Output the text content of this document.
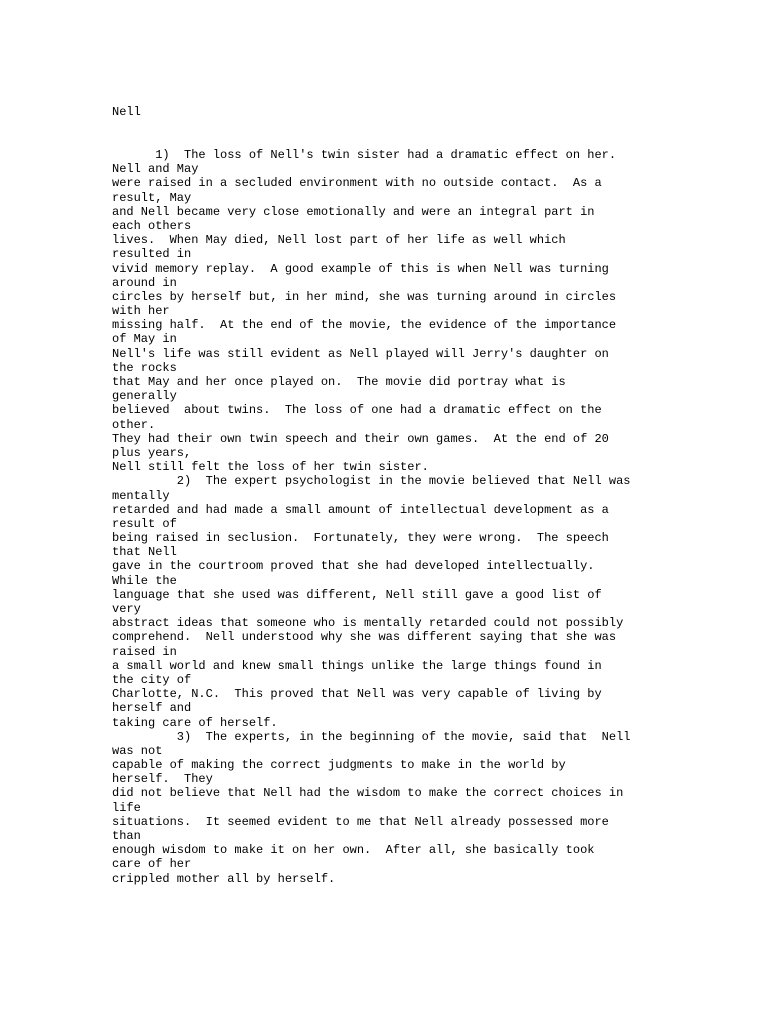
Nell
1)  The loss of Nell's twin sister had a dramatic effect on her.
Nell and May
were raised in a secluded environment with no outside contact.  As a
result, May
and Nell became very close emotionally and were an integral part in
each others
lives.  When May died, Nell lost part of her life as well which
resulted in
vivid memory replay.  A good example of this is when Nell was turning
around in
circles by herself but, in her mind, she was turning around in circles
with her
missing half.  At the end of the movie, the evidence of the importance
of May in
Nell's life was still evident as Nell played will Jerry's daughter on
the rocks
that May and her once played on.  The movie did portray what is
generally
believed  about twins.  The loss of one had a dramatic effect on the
other.
They had their own twin speech and their own games.  At the end of 20
plus years,
Nell still felt the loss of her twin sister.
2)  The expert psychologist in the movie believed that Nell was
mentally
retarded and had made a small amount of intellectual development as a
result of
being raised in seclusion.  Fortunately, they were wrong.  The speech
that Nell
gave in the courtroom proved that she had developed intellectually.
While the
language that she used was different, Nell still gave a good list of
very
abstract ideas that someone who is mentally retarded could not possibly
comprehend.  Nell understood why she was different saying that she was
raised in
a small world and knew small things unlike the large things found in
the city of
Charlotte, N.C.  This proved that Nell was very capable of living by
herself and
taking care of herself.
3)  The experts, in the beginning of the movie, said that  Nell
was not
capable of making the correct judgments to make in the world by
herself.  They
did not believe that Nell had the wisdom to make the correct choices in
life
situations.  It seemed evident to me that Nell already possessed more
than
enough wisdom to make it on her own.  After all, she basically took
care of her
crippled mother all by herself.
